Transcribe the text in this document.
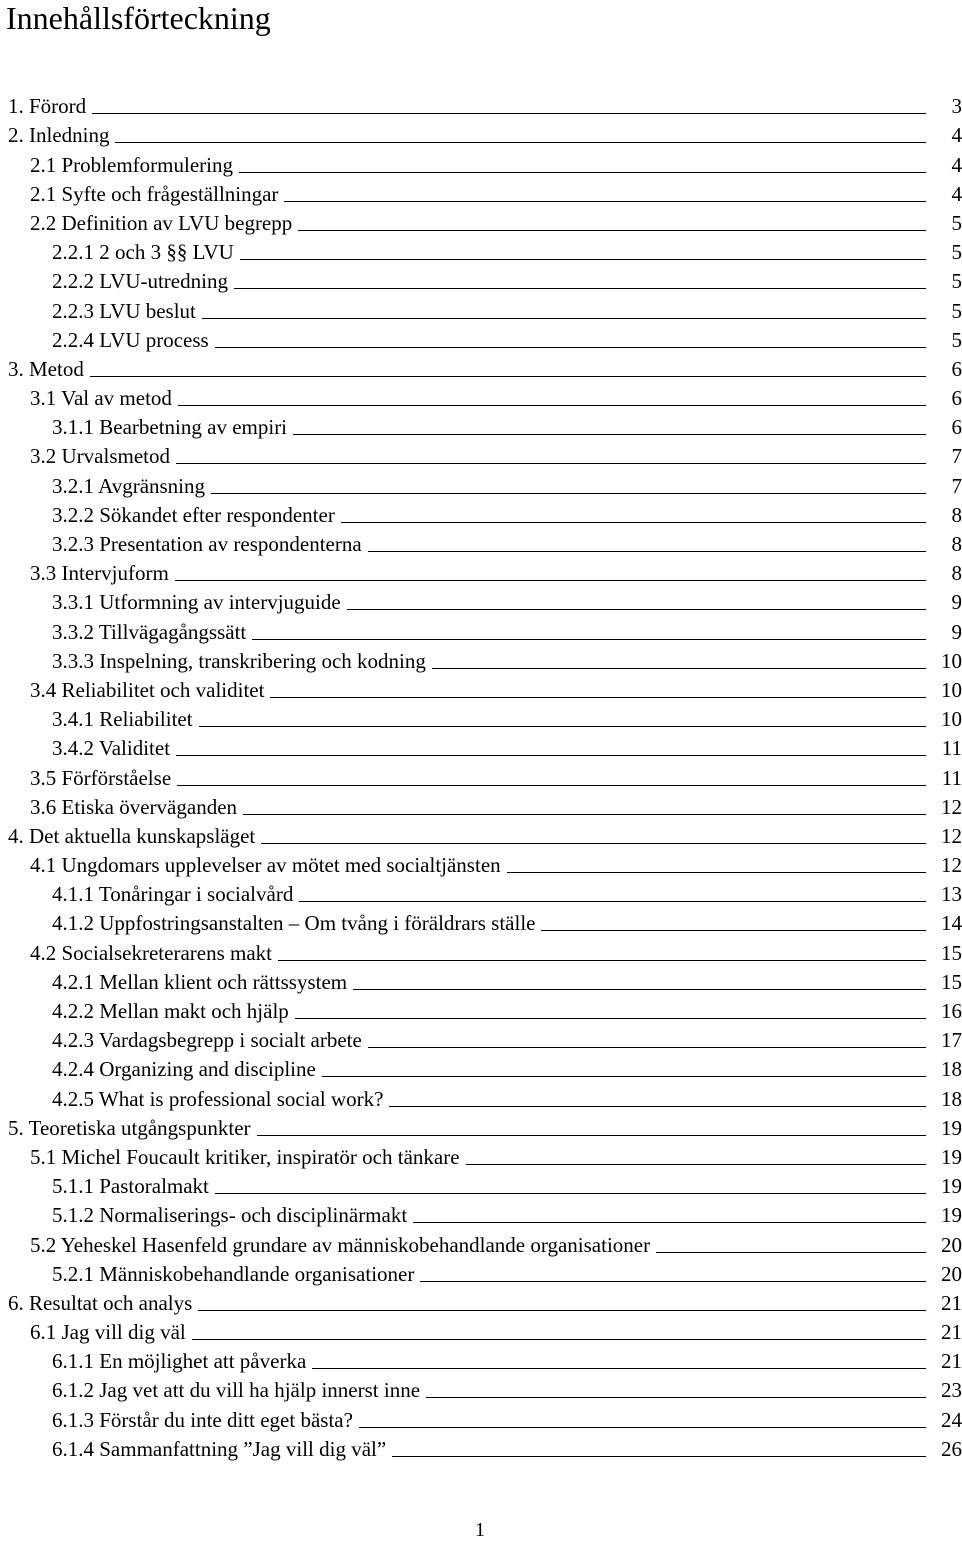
Innehållsförteckning
1. Förord	3
2. Inledning	4
2.1 Problemformulering	4
2.1 Syfte och frågeställningar	4
2.2 Definition av LVU begrepp	5
2.2.1 2 och 3 §§ LVU	5
2.2.2 LVU-utredning	5
2.2.3 LVU beslut	5
2.2.4 LVU process	5
3. Metod	6
3.1 Val av metod	6
3.1.1 Bearbetning av empiri	6
3.2 Urvalsmetod	7
3.2.1 Avgränsning	7
3.2.2 Sökandet efter respondenter	8
3.2.3 Presentation av respondenterna	8
3.3 Intervjuform	8
3.3.1 Utformning av intervjuguide	9
3.3.2 Tillvägagångssätt	9
3.3.3 Inspelning, transkribering och kodning	10
3.4 Reliabilitet och validitet	10
3.4.1 Reliabilitet	10
3.4.2 Validitet	11
3.5 Förförståelse	11
3.6 Etiska överväganden	12
4. Det aktuella kunskapsläget	12
4.1 Ungdomars upplevelser av mötet med socialtjänsten	12
4.1.1 Tonåringar i socialvård	13
4.1.2 Uppfostringsanstalten – Om tvång i föräldrars ställe	14
4.2 Socialsekreterarens makt	15
4.2.1 Mellan klient och rättssystem	15
4.2.2 Mellan makt och hjälp	16
4.2.3 Vardagsbegrepp i socialt arbete	17
4.2.4 Organizing and discipline	18
4.2.5 What is professional social work?	18
5. Teoretiska utgångspunkter	19
5.1 Michel Foucault kritiker, inspiratör och tänkare	19
5.1.1 Pastoralmakt	19
5.1.2 Normaliserings- och disciplinärmakt	19
5.2 Yeheskel Hasenfeld grundare av människobehandlande organisationer	20
5.2.1 Människobehandlande organisationer	20
6. Resultat och analys	21
6.1 Jag vill dig väl	21
6.1.1 En möjlighet att påverka	21
6.1.2 Jag vet att du vill ha hjälp innerst inne	23
6.1.3 Förstår du inte ditt eget bästa?	24
6.1.4 Sammanfattning ”Jag vill dig väl”	26
1
